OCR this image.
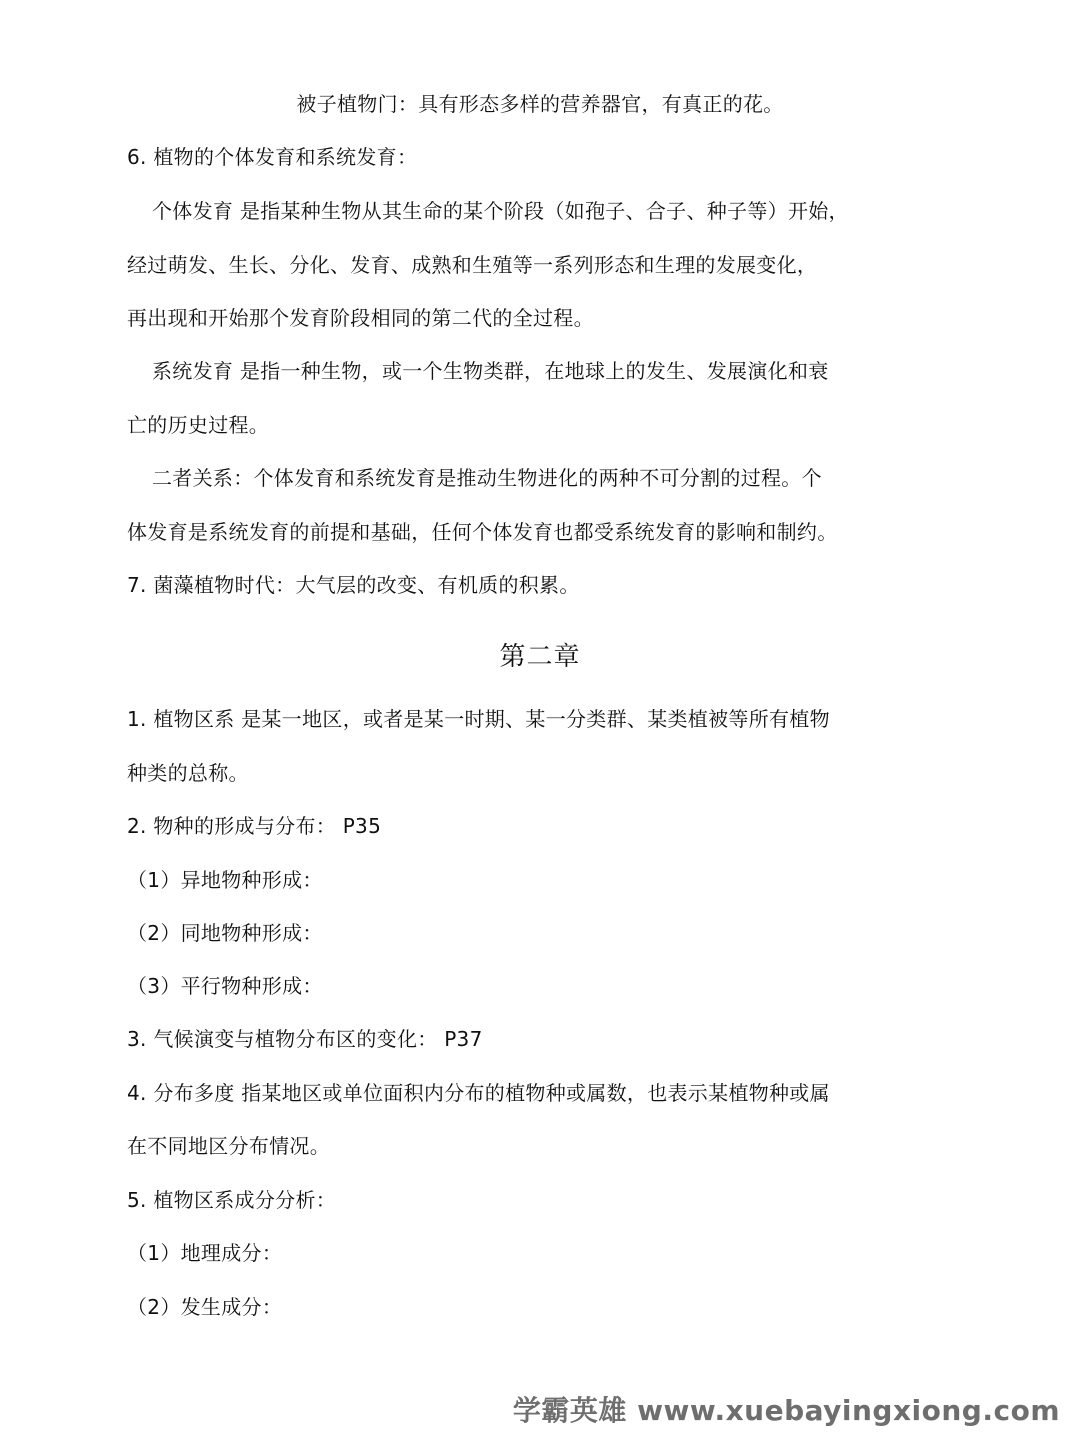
被子植物门：具有形态多样的营养器官，有真正的花。
6. 植物的个体发育和系统发育：
个体发育 是指某种生物从其生命的某个阶段（如孢子、合子、种子等）开始，
经过萌发、生长、分化、发育、成熟和生殖等一系列形态和生理的发展变化，
再出现和开始那个发育阶段相同的第二代的全过程。
系统发育 是指一种生物，或一个生物类群，在地球上的发生、发展演化和衰
亡的历史过程。
二者关系：个体发育和系统发育是推动生物进化的两种不可分割的过程。个
体发育是系统发育的前提和基础，任何个体发育也都受系统发育的影响和制约。
7. 菌藻植物时代：大气层的改变、有机质的积累。
第二章
1. 植物区系 是某一地区，或者是某一时期、某一分类群、某类植被等所有植物
种类的总称。
2. 物种的形成与分布： P35
（1）异地物种形成：
（2）同地物种形成：
（3）平行物种形成：
3. 气候演变与植物分布区的变化： P37
4. 分布多度 指某地区或单位面积内分布的植物种或属数，也表示某植物种或属
在不同地区分布情况。
5. 植物区系成分分析：
（1）地理成分：
（2）发生成分：
学霸英雄 www.xuebayingxiong.com
